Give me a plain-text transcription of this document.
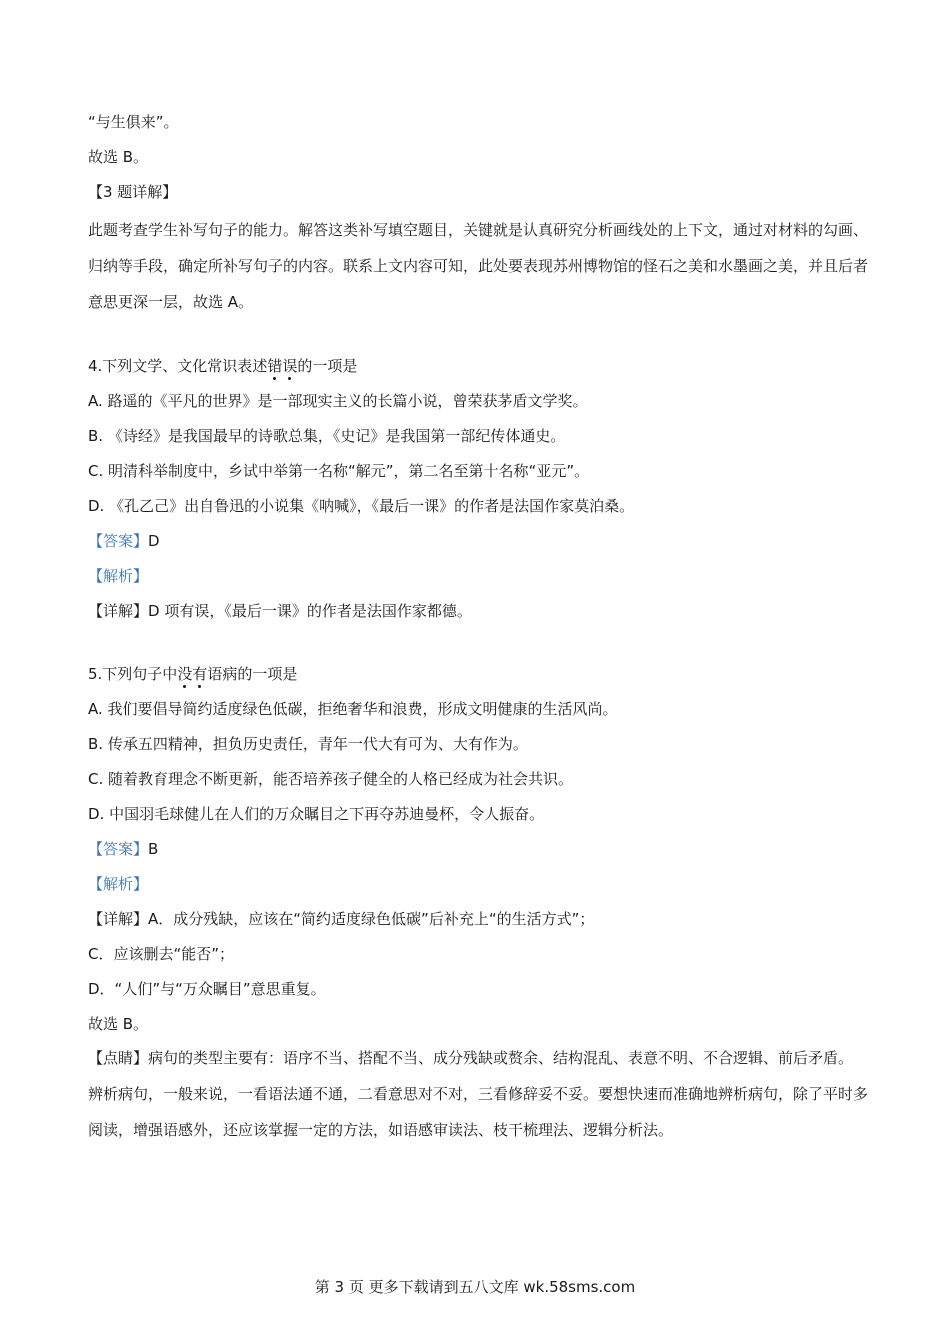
“与生俱来”。

故选 B。

【3 题详解】

此题考查学生补写句子的能力。解答这类补写填空题目，关键就是认真研究分析画线处的上下文，通过对材料的勾画、归纳等手段，确定所补写句子的内容。联系上文内容可知，此处要表现苏州博物馆的怪石之美和水墨画之美，并且后者意思更深一层，故选 A。

4.下列文学、文化常识表述错误的一项是

A. 路遥的《平凡的世界》是一部现实主义的长篇小说，曾荣获茅盾文学奖。

B. 《诗经》是我国最早的诗歌总集，《史记》是我国第一部纪传体通史。

C. 明清科举制度中，乡试中举第一名称“解元”，第二名至第十名称“亚元”。

D. 《孔乙己》出自鲁迅的小说集《呐喊》，《最后一课》的作者是法国作家莫泊桑。

【答案】D

【解析】

【详解】D 项有误，《最后一课》的作者是法国作家都德。

5.下列句子中没有语病的一项是

A. 我们要倡导简约适度绿色低碳，拒绝奢华和浪费，形成文明健康的生活风尚。

B. 传承五四精神，担负历史责任，青年一代大有可为、大有作为。

C. 随着教育理念不断更新，能否培养孩子健全的人格已经成为社会共识。

D. 中国羽毛球健儿在人们的万众瞩目之下再夺苏迪曼杯，令人振奋。

【答案】B

【解析】

【详解】A．成分残缺，应该在“简约适度绿色低碳”后补充上“的生活方式”；

C．应该删去“能否”；

D．“人们”与“万众瞩目”意思重复。

故选 B。

【点睛】病句的类型主要有：语序不当、搭配不当、成分残缺或赘余、结构混乱、表意不明、不合逻辑、前后矛盾。辨析病句，一般来说，一看语法通不通，二看意思对不对，三看修辞妥不妥。要想快速而准确地辨析病句，除了平时多阅读，增强语感外，还应该掌握一定的方法，如语感审读法、枝干梳理法、逻辑分析法。

第 3 页 更多下载请到五八文库 wk.58sms.com
